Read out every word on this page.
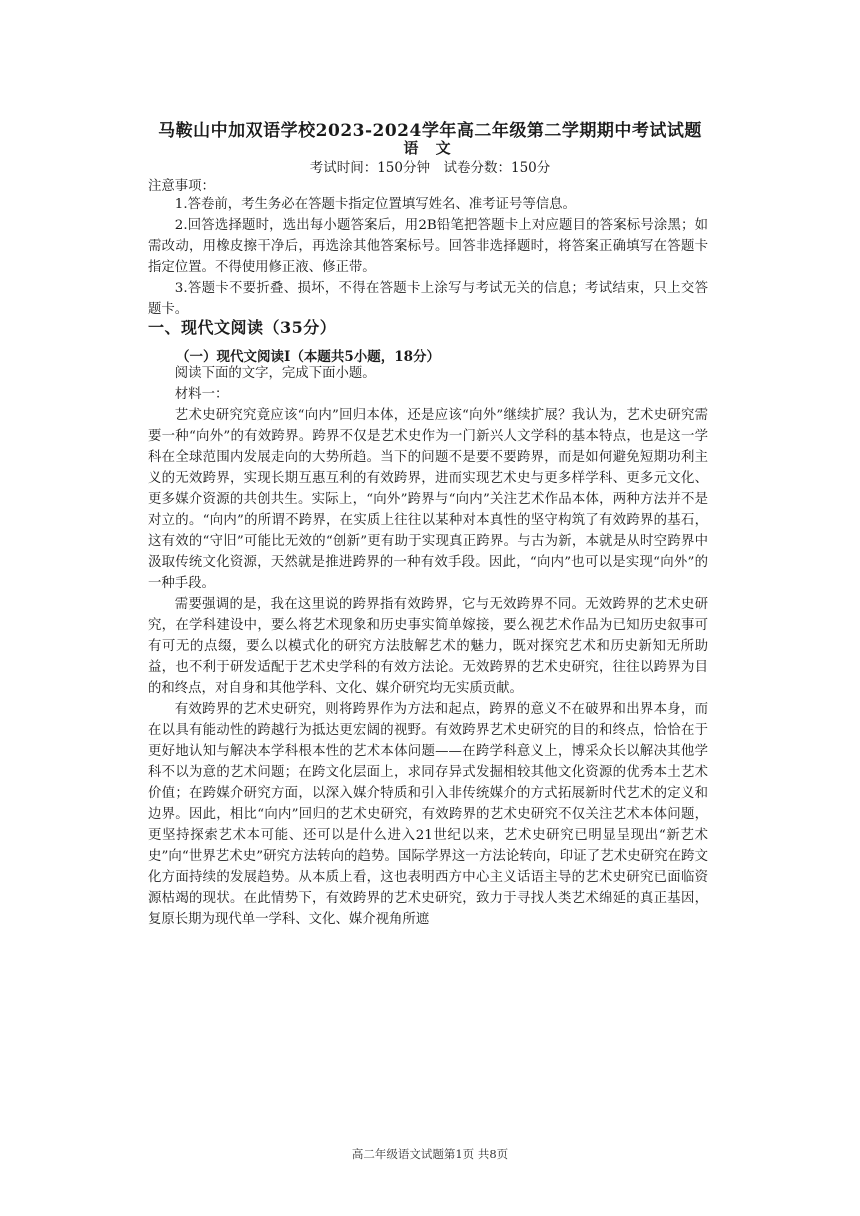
马鞍山中加双语学校2023-2024学年高二年级第二学期期中考试试题
语 文
考试时间：150分钟　试卷分数：150分
注意事项：

1.答卷前，考生务必在答题卡指定位置填写姓名、准考证号等信息。

2.回答选择题时，选出每小题答案后，用2B铅笔把答题卡上对应题目的答案标号涂黑；如需改动，用橡皮擦干净后，再选涂其他答案标号。回答非选择题时，将答案正确填写在答题卡指定位置。不得使用修正液、修正带。

3.答题卡不要折叠、损坏，不得在答题卡上涂写与考试无关的信息；考试结束，只上交答题卡。

一、现代文阅读（35分）
（一）现代文阅读Ⅰ（本题共5小题，18分）

阅读下面的文字，完成下面小题。

材料一：

艺术史研究究竟应该“向内”回归本体，还是应该“向外”继续扩展？我认为，艺术史研究需要一种“向外”的有效跨界。跨界不仅是艺术史作为一门新兴人文学科的基本特点，也是这一学科在全球范围内发展走向的大势所趋。当下的问题不是要不要跨界，而是如何避免短期功利主义的无效跨界，实现长期互惠互利的有效跨界，进而实现艺术史与更多样学科、更多元文化、更多媒介资源的共创共生。实际上，“向外”跨界与“向内”关注艺术作品本体，两种方法并不是对立的。“向内”的所谓不跨界，在实质上往往以某种对本真性的坚守构筑了有效跨界的基石，这有效的“守旧”可能比无效的“创新”更有助于实现真正跨界。与古为新，本就是从时空跨界中汲取传统文化资源，天然就是推进跨界的一种有效手段。因此，“向内”也可以是实现“向外”的一种手段。

需要强调的是，我在这里说的跨界指有效跨界，它与无效跨界不同。无效跨界的艺术史研究，在学科建设中，要么将艺术现象和历史事实简单嫁接，要么视艺术作品为已知历史叙事可有可无的点缀，要么以模式化的研究方法肢解艺术的魅力，既对探究艺术和历史新知无所助益，也不利于研发适配于艺术史学科的有效方法论。无效跨界的艺术史研究，往往以跨界为目的和终点，对自身和其他学科、文化、媒介研究均无实质贡献。

有效跨界的艺术史研究，则将跨界作为方法和起点，跨界的意义不在破界和出界本身，而在以具有能动性的跨越行为抵达更宏阔的视野。有效跨界艺术史研究的目的和终点，恰恰在于更好地认知与解决本学科根本性的艺术本体问题——在跨学科意义上，博采众长以解决其他学科不以为意的艺术问题；在跨文化层面上，求同存异式发掘相较其他文化资源的优秀本土艺术价值；在跨媒介研究方面，以深入媒介特质和引入非传统媒介的方式拓展新时代艺术的定义和边界。因此，相比“向内”回归的艺术史研究，有效跨界的艺术史研究不仅关注艺术本体问题，更坚持探索艺术本可能、还可以是什么进入21世纪以来，艺术史研究已明显呈现出“新艺术史”向“世界艺术史”研究方法转向的趋势。国际学界这一方法论转向，印证了艺术史研究在跨文化方面持续的发展趋势。从本质上看，这也表明西方中心主义话语主导的艺术史研究已面临资源枯竭的现状。在此情势下，有效跨界的艺术史研究，致力于寻找人类艺术绵延的真正基因，复原长期为现代单一学科、文化、媒介视角所遮

高二年级语文试题第1页 共8页
